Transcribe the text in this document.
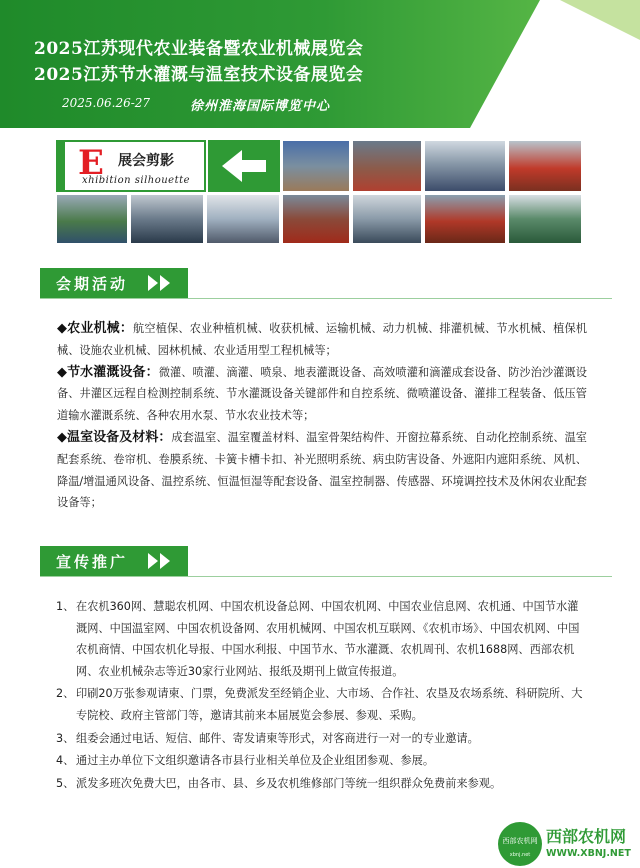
2025江苏现代农业装备暨农业机械展览会
2025江苏节水灌溉与温室技术设备展览会
2025.06.26-27	徐州淮海国际博览中心
E 展会剪影
xhibition silhouette
会期活动

◆农业机械：航空植保、农业种植机械、收获机械、运输机械、动力机械、排灌机械、节水机械、植保机械、设施农业机械、园林机械、农业适用型工程机械等；

◆节水灌溉设备：微灌、喷灌、滴灌、喷泉、地表灌溉设备、高效喷灌和滴灌成套设备、防沙治沙灌溉设备、井灌区远程自检测控制系统、节水灌溉设备关键部件和自控系统、微喷灌设备、灌排工程装备、低压管道输水灌溉系统、各种农用水泵、节水农业技术等；

◆温室设备及材料：成套温室、温室覆盖材料、温室骨架结构件、开窗拉幕系统、自动化控制系统、温室配套系统、卷帘机、卷膜系统、卡簧卡槽卡扣、补光照明系统、病虫防害设备、外遮阳内遮阳系统、风机、降温/增温通风设备、温控系统、恒温恒湿等配套设备、温室控制器、传感器、环境调控技术及休闲农业配套设备等；

宣传推广
1、 在农机360网、慧聪农机网、中国农机设备总网、中国农机网、中国农业信息网、农机通、中国节水灌溉网、中国温室网、中国农机设备网、农用机械网、中国农机互联网、《农机市场》、中国农机网、中国农机商情、中国农机化导报、中国水利报、中国节水、节水灌溉、农机周刊、农机1688网、西部农机网、农业机械杂志等近30家行业网站、报纸及期刊上做宣传报道。
2、 印刷20万张参观请柬、门票，免费派发至经销企业、大市场、合作社、农垦及农场系统、科研院所、大专院校、政府主管部门等，邀请其前来本届展览会参展、参观、采购。
3、 组委会通过电话、短信、邮件、寄发请柬等形式，对客商进行一对一的专业邀请。
4、 通过主办单位下文组织邀请各市县行业相关单位及企业组团参观、参展。
5、 派发多班次免费大巴，由各市、县、乡及农机维修部门等统一组织群众免费前来参观。
西部农机网
xbnj.net
西部农机网
WWW.XBNJ.NET
